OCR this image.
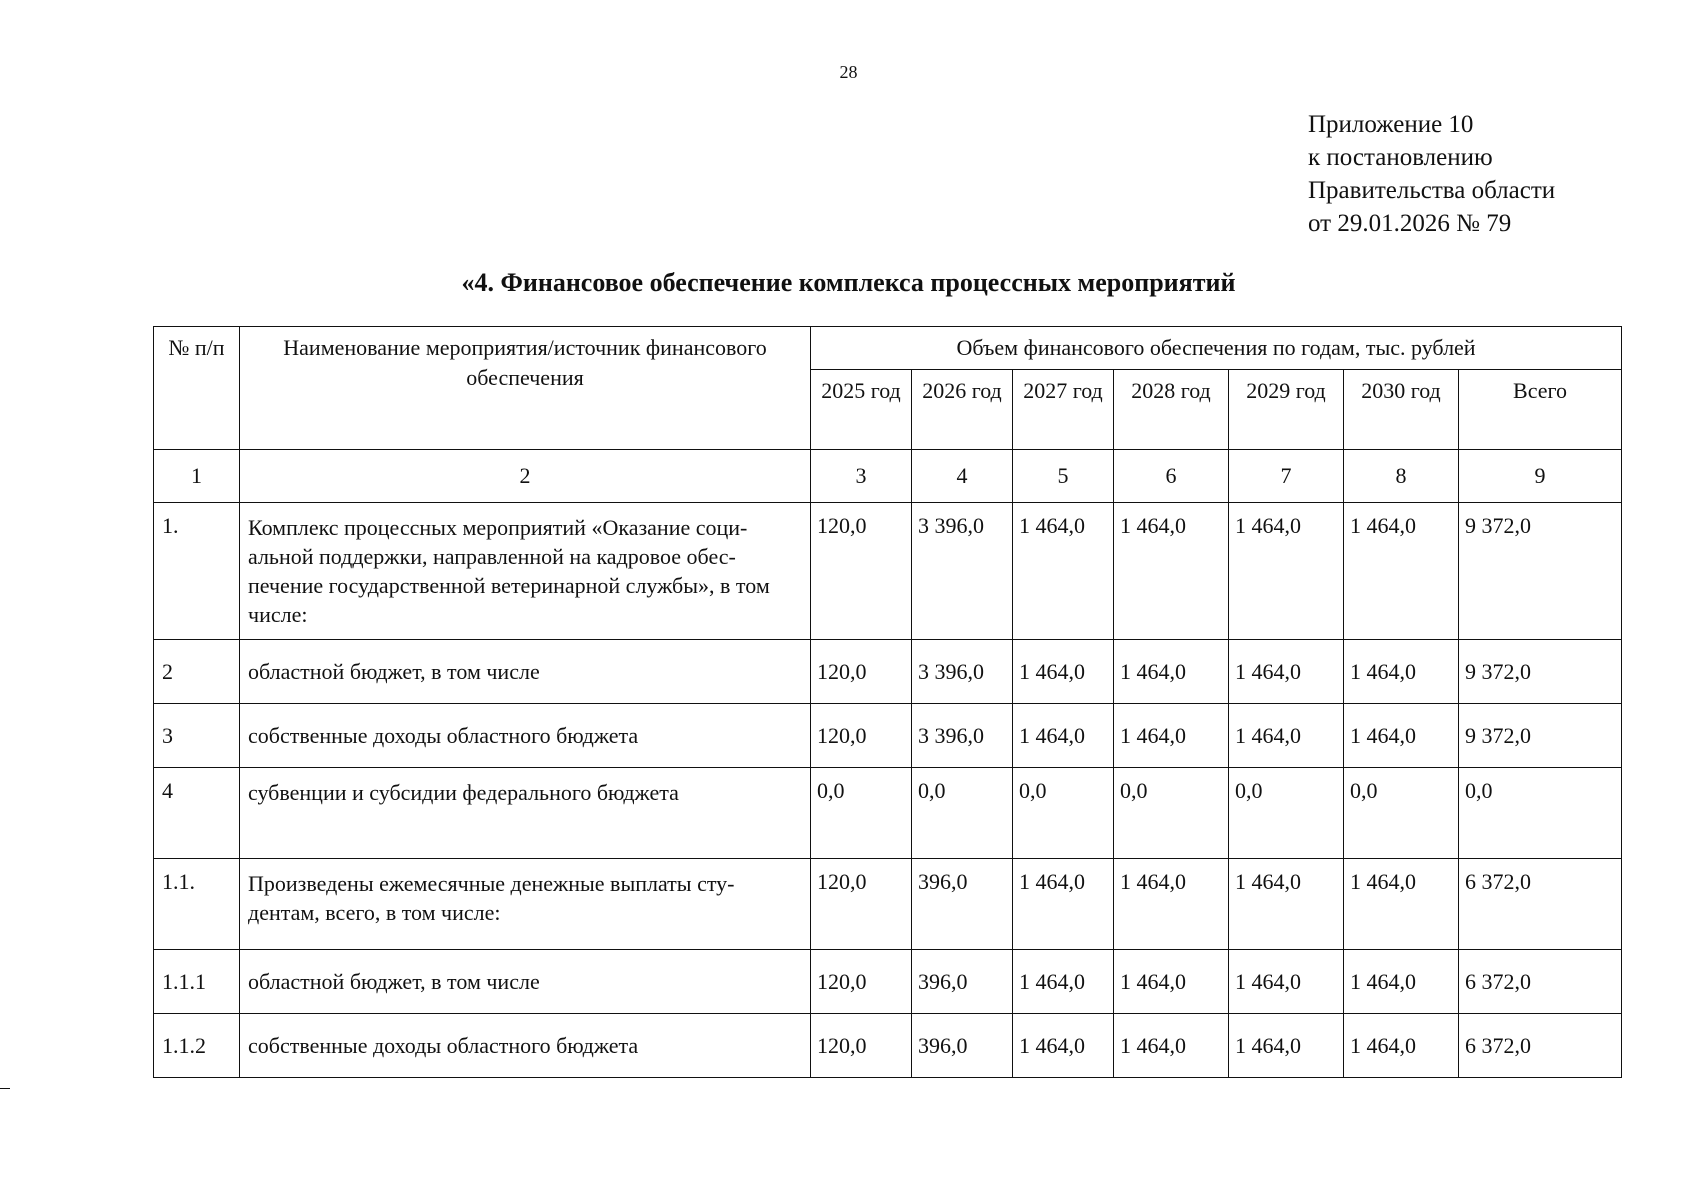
28
Приложение 10
к постановлению
Правительства области
от 29.01.2026 № 79
«4. Финансовое обеспечение комплекса процессных мероприятий
№ п/п	Наименование мероприятия/источник финансового обеспечения	Объем финансового обеспечения по годам, тыс. рублей						
		2025 год	2026 год	2027 год	2028 год	2029 год	2030 год	Всего
1	2	3	4	5	6	7	8	9
1.	Комплекс процессных мероприятий «Оказание соци-альной поддержки, направленной на кадровое обес-печение государственной ветеринарной службы», в том числе:	120,0	3 396,0	1 464,0	1 464,0	1 464,0	1 464,0	9 372,0
2	областной бюджет, в том числе	120,0	3 396,0	1 464,0	1 464,0	1 464,0	1 464,0	9 372,0
3	собственные доходы областного бюджета	120,0	3 396,0	1 464,0	1 464,0	1 464,0	1 464,0	9 372,0
4	субвенции и субсидии федерального бюджета	0,0	0,0	0,0	0,0	0,0	0,0	0,0
1.1.	Произведены ежемесячные денежные выплаты сту-дентам, всего, в том числе:	120,0	396,0	1 464,0	1 464,0	1 464,0	1 464,0	6 372,0
1.1.1	областной бюджет, в том числе	120,0	396,0	1 464,0	1 464,0	1 464,0	1 464,0	6 372,0
1.1.2	собственные доходы областного бюджета	120,0	396,0	1 464,0	1 464,0	1 464,0	1 464,0	6 372,0
